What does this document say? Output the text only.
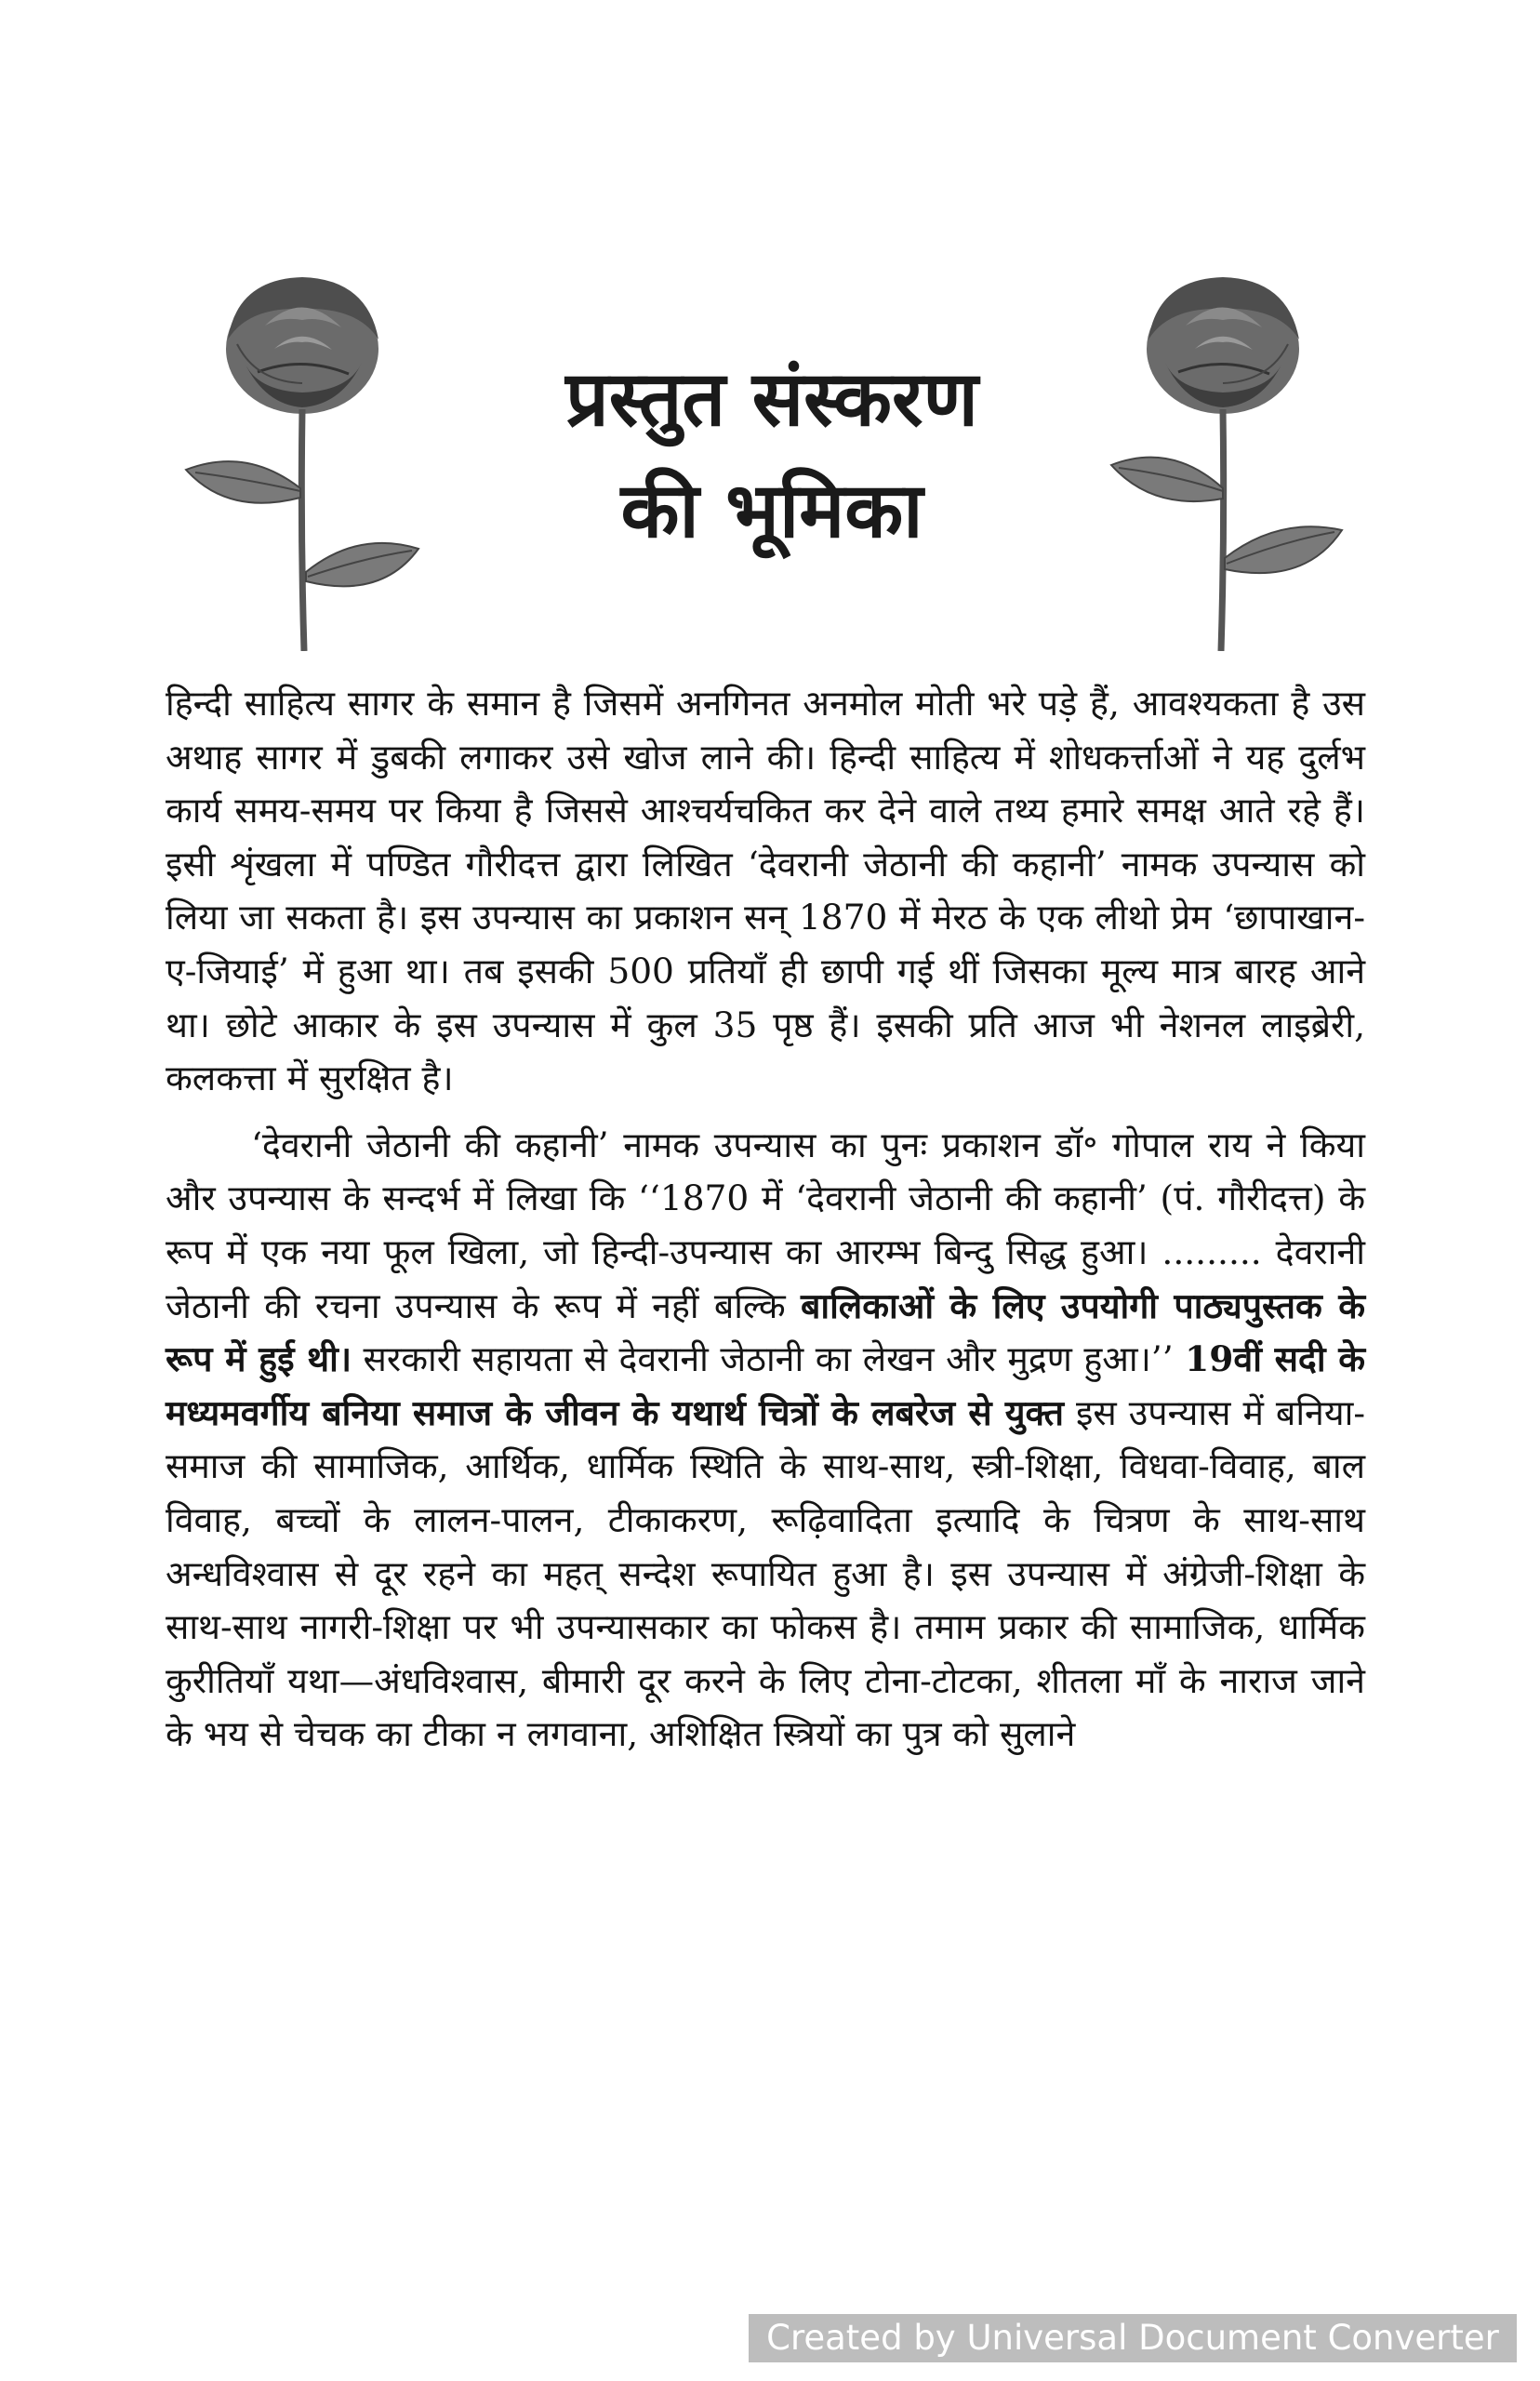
प्रस्तुत संस्करण
की भूमिका

हिन्दी साहित्य सागर के समान है जिसमें अनगिनत अनमोल मोती भरे पड़े हैं, आवश्यकता है उस अथाह सागर में डुबकी लगाकर उसे खोज लाने की। हिन्दी साहित्य में शोधकर्त्ताओं ने यह दुर्लभ कार्य समय-समय पर किया है जिससे आश्चर्यचकित कर देने वाले तथ्य हमारे समक्ष आते रहे हैं। इसी शृंखला में पण्डित गौरीदत्त द्वारा लिखित ‘देवरानी जेठानी की कहानी’ नामक उपन्यास को लिया जा सकता है। इस उपन्यास का प्रकाशन सन् 1870 में मेरठ के एक लीथो प्रेम ‘छापाखान-ए-जियाई’ में हुआ था। तब इसकी 500 प्रतियाँ ही छापी गई थीं जिसका मूल्य मात्र बारह आने था। छोटे आकार के इस उपन्यास में कुल 35 पृष्ठ हैं। इसकी प्रति आज भी नेशनल लाइब्रेरी, कलकत्ता में सुरक्षित है।

‘देवरानी जेठानी की कहानी’ नामक उपन्यास का पुनः प्रकाशन डॉ॰ गोपाल राय ने किया और उपन्यास के सन्दर्भ में लिखा कि ‘‘1870 में ‘देवरानी जेठानी की कहानी’ (पं. गौरीदत्त) के रूप में एक नया फूल खिला, जो हिन्दी-उपन्यास का आरम्भ बिन्दु सिद्ध हुआ। ......... देवरानी जेठानी की रचना उपन्यास के रूप में नहीं बल्कि बालिकाओं के लिए उपयोगी पाठ्यपुस्तक के रूप में हुई थी। सरकारी सहायता से देवरानी जेठानी का लेखन और मुद्रण हुआ।’’ 19वीं सदी के मध्यमवर्गीय बनिया समाज के जीवन के यथार्थ चित्रों के लबरेज से युक्त इस उपन्यास में बनिया-समाज की सामाजिक, आर्थिक, धार्मिक स्थिति के साथ-साथ, स्त्री-शिक्षा, विधवा-विवाह, बाल विवाह, बच्चों के लालन-पालन, टीकाकरण, रूढ़िवादिता इत्यादि के चित्रण के साथ-साथ अन्धविश्वास से दूर रहने का महत् सन्देश रूपायित हुआ है। इस उपन्यास में अंग्रेजी-शिक्षा के साथ-साथ नागरी-शिक्षा पर भी उपन्यासकार का फोकस है। तमाम प्रकार की सामाजिक, धार्मिक कुरीतियाँ यथा—अंधविश्वास, बीमारी दूर करने के लिए टोना-टोटका, शीतला माँ के नाराज जाने के भय से चेचक का टीका न लगवाना, अशिक्षित स्त्रियों का पुत्र को सुलाने

Created by Universal Document Converter
